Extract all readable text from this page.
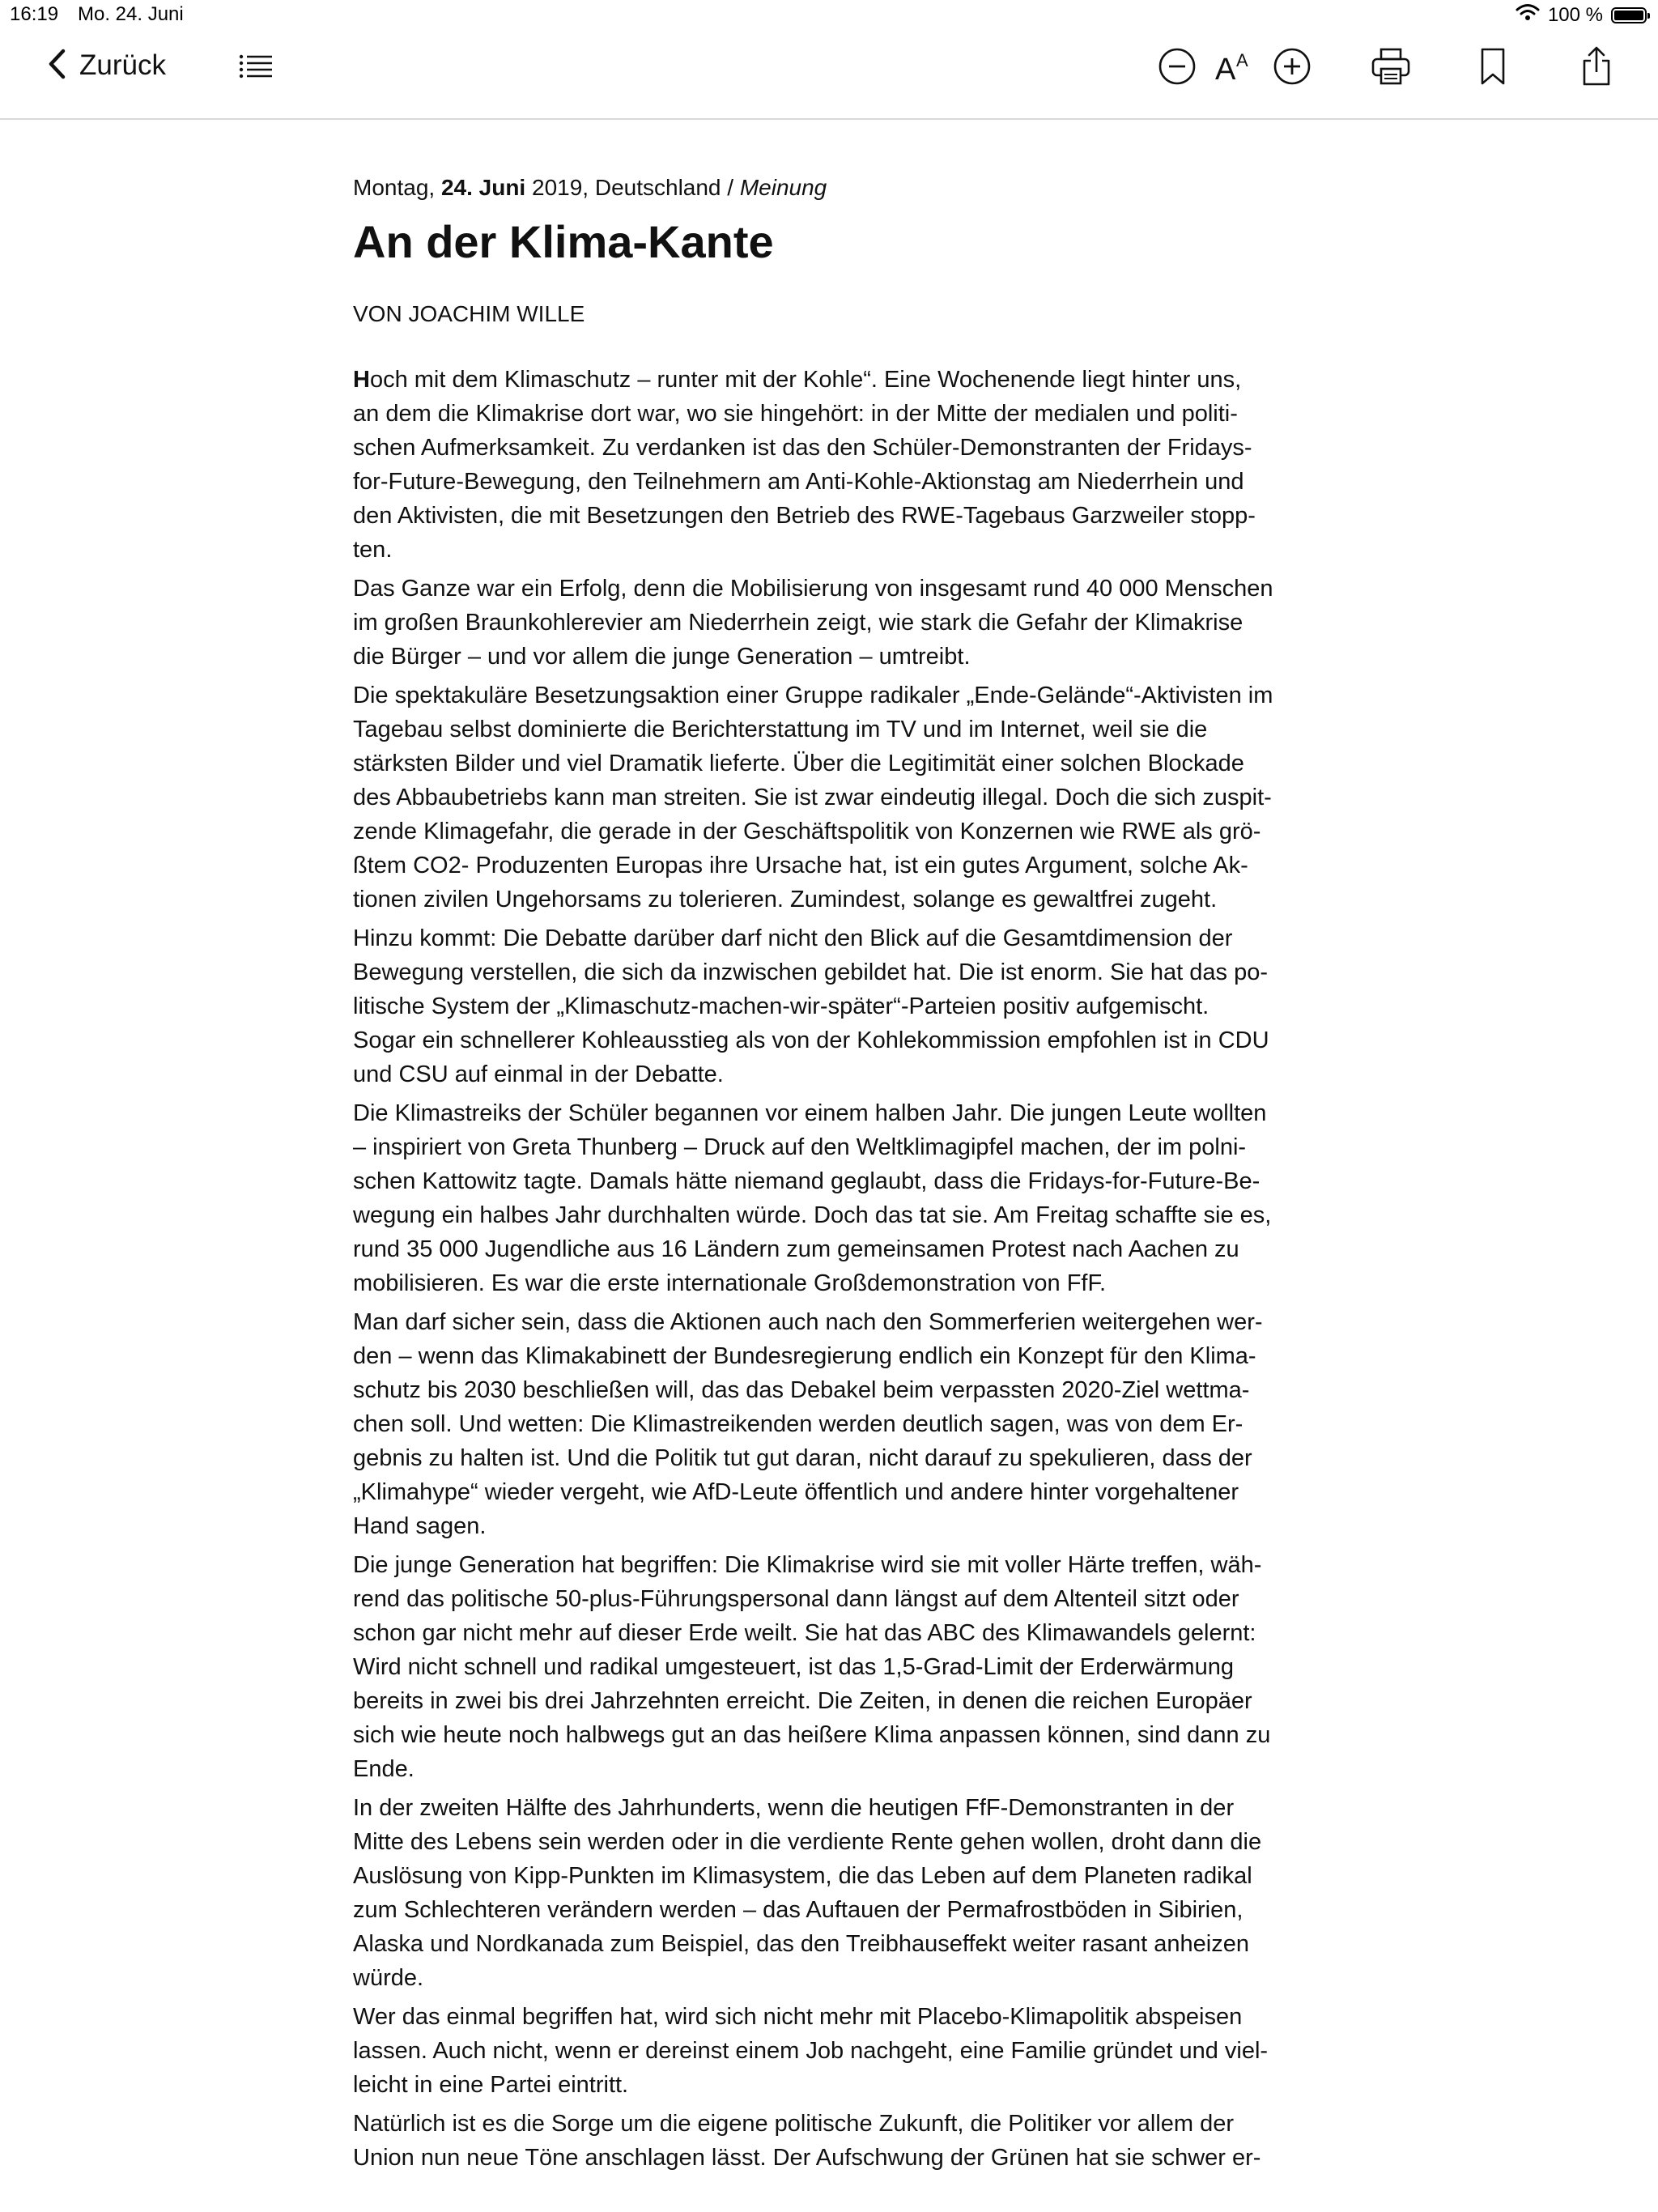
16:19 Mo. 24. Juni	100 %
Zurück	A A

Montag, 24. Juni 2019, Deutschland / Meinung

An der Klima-Kante

VON JOACHIM WILLE

Hoch mit dem Klimaschutz – runter mit der Kohle“. Eine Wochenende liegt hinter uns,
an dem die Klimakrise dort war, wo sie hingehört: in der Mitte der medialen und politi-
schen Aufmerksamkeit. Zu verdanken ist das den Schüler-Demonstranten der Fridays-
for-Future-Bewegung, den Teilnehmern am Anti-Kohle-Aktionstag am Niederrhein und
den Aktivisten, die mit Besetzungen den Betrieb des RWE-Tagebaus Garzweiler stopp-
ten.

Das Ganze war ein Erfolg, denn die Mobilisierung von insgesamt rund 40 000 Menschen
im großen Braunkohlerevier am Niederrhein zeigt, wie stark die Gefahr der Klimakrise
die Bürger – und vor allem die junge Generation – umtreibt.

Die spektakuläre Besetzungsaktion einer Gruppe radikaler „Ende-Gelände“-Aktivisten im
Tagebau selbst dominierte die Berichterstattung im TV und im Internet, weil sie die
stärksten Bilder und viel Dramatik lieferte. Über die Legitimität einer solchen Blockade
des Abbaubetriebs kann man streiten. Sie ist zwar eindeutig illegal. Doch die sich zuspit-
zende Klimagefahr, die gerade in der Geschäftspolitik von Konzernen wie RWE als grö-
ßtem CO2- Produzenten Europas ihre Ursache hat, ist ein gutes Argument, solche Ak-
tionen zivilen Ungehorsams zu tolerieren. Zumindest, solange es gewaltfrei zugeht.

Hinzu kommt: Die Debatte darüber darf nicht den Blick auf die Gesamtdimension der
Bewegung verstellen, die sich da inzwischen gebildet hat. Die ist enorm. Sie hat das po-
litische System der „Klimaschutz-machen-wir-später“-Parteien positiv aufgemischt.
Sogar ein schnellerer Kohleausstieg als von der Kohlekommission empfohlen ist in CDU
und CSU auf einmal in der Debatte.

Die Klimastreiks der Schüler begannen vor einem halben Jahr. Die jungen Leute wollten
– inspiriert von Greta Thunberg – Druck auf den Weltklimagipfel machen, der im polni-
schen Kattowitz tagte. Damals hätte niemand geglaubt, dass die Fridays-for-Future-Be-
wegung ein halbes Jahr durchhalten würde. Doch das tat sie. Am Freitag schaffte sie es,
rund 35 000 Jugendliche aus 16 Ländern zum gemeinsamen Protest nach Aachen zu
mobilisieren. Es war die erste internationale Großdemonstration von FfF.

Man darf sicher sein, dass die Aktionen auch nach den Sommerferien weitergehen wer-
den – wenn das Klimakabinett der Bundesregierung endlich ein Konzept für den Klima-
schutz bis 2030 beschließen will, das das Debakel beim verpassten 2020-Ziel wettma-
chen soll. Und wetten: Die Klimastreikenden werden deutlich sagen, was von dem Er-
gebnis zu halten ist. Und die Politik tut gut daran, nicht darauf zu spekulieren, dass der
„Klimahype“ wieder vergeht, wie AfD-Leute öffentlich und andere hinter vorgehaltener
Hand sagen.

Die junge Generation hat begriffen: Die Klimakrise wird sie mit voller Härte treffen, wäh-
rend das politische 50-plus-Führungspersonal dann längst auf dem Altenteil sitzt oder
schon gar nicht mehr auf dieser Erde weilt. Sie hat das ABC des Klimawandels gelernt:
Wird nicht schnell und radikal umgesteuert, ist das 1,5-Grad-Limit der Erderwärmung
bereits in zwei bis drei Jahrzehnten erreicht. Die Zeiten, in denen die reichen Europäer
sich wie heute noch halbwegs gut an das heißere Klima anpassen können, sind dann zu
Ende.

In der zweiten Hälfte des Jahrhunderts, wenn die heutigen FfF-Demonstranten in der
Mitte des Lebens sein werden oder in die verdiente Rente gehen wollen, droht dann die
Auslösung von Kipp-Punkten im Klimasystem, die das Leben auf dem Planeten radikal
zum Schlechteren verändern werden – das Auftauen der Permafrostböden in Sibirien,
Alaska und Nordkanada zum Beispiel, das den Treibhauseffekt weiter rasant anheizen
würde.

Wer das einmal begriffen hat, wird sich nicht mehr mit Placebo-Klimapolitik abspeisen
lassen. Auch nicht, wenn er dereinst einem Job nachgeht, eine Familie gründet und viel-
leicht in eine Partei eintritt.

Natürlich ist es die Sorge um die eigene politische Zukunft, die Politiker vor allem der
Union nun neue Töne anschlagen lässt. Der Aufschwung der Grünen hat sie schwer er-
